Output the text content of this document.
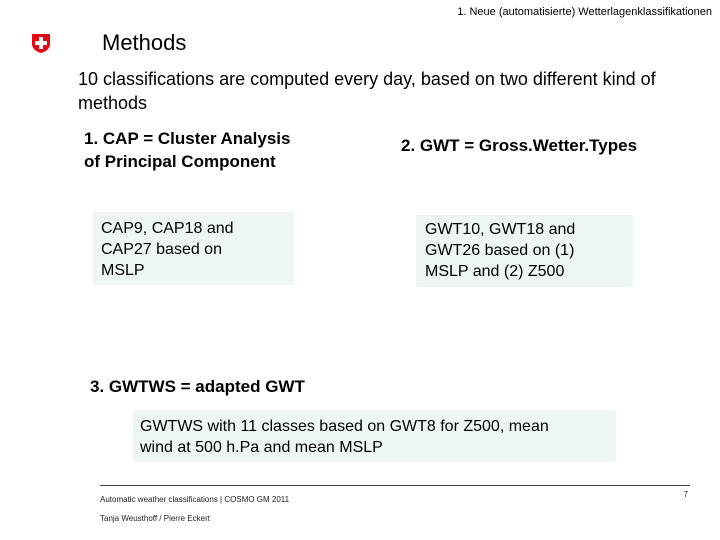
1. Neue (automatisierte) Wetterlagenklassifikationen
Methods
10 classifications are computed every day, based on two different kind of methods
1. CAP = Cluster Analysis
of Principal Component
2. GWT = Gross.Wetter.Types
CAP9, CAP18 and
CAP27 based on
MSLP
GWT10, GWT18 and
GWT26 based on (1)
MSLP and (2) Z500
3. GWTWS = adapted GWT
GWTWS with 11 classes based on GWT8 for Z500, mean
wind at 500 h.Pa and mean MSLP
Automatic weather classifications | COSMO GM 2011
Tanja Weusthoff / Pierre Eckert
7
